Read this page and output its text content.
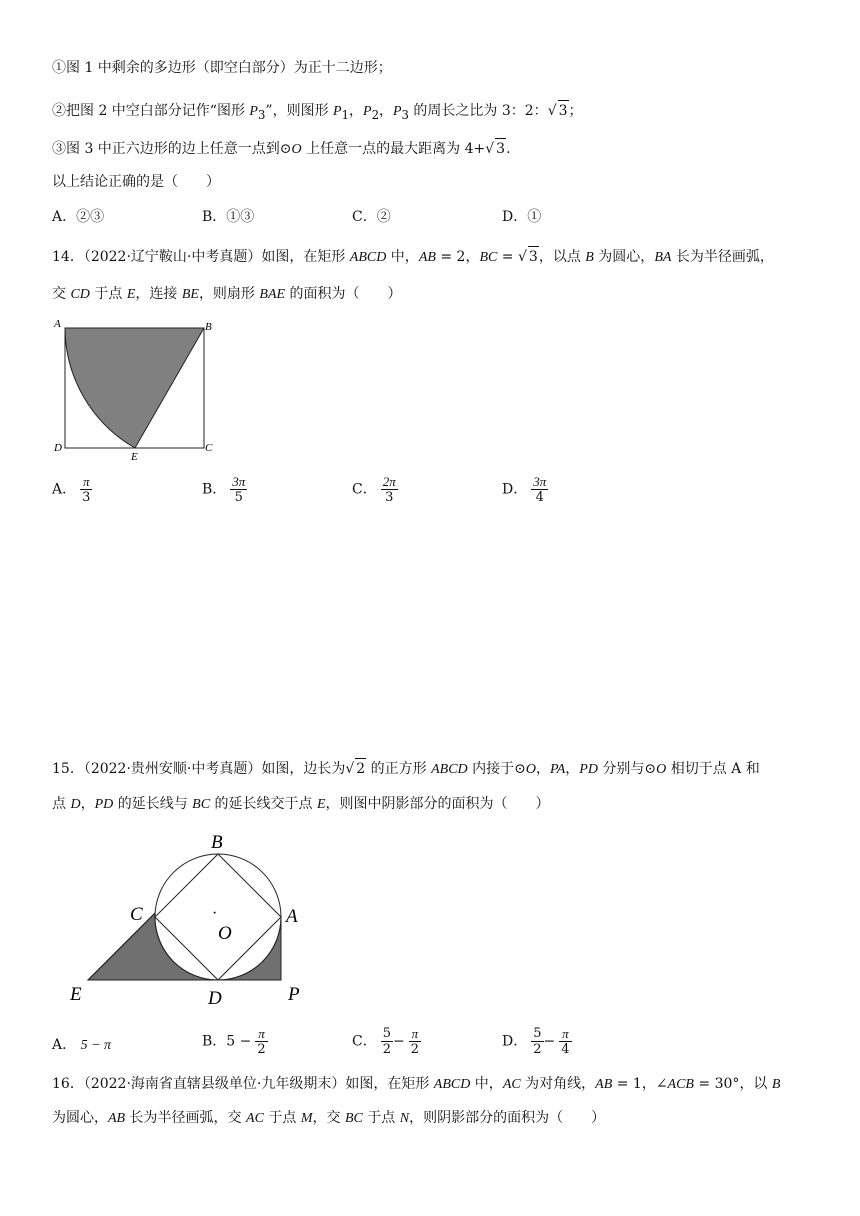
①图 1 中剩余的多边形（即空白部分）为正十二边形；
②把图 2 中空白部分记作“图形 $P_3$”，则图形 $P_1$，$P_2$，$P_3$ 的周长之比为 3：2：√ 3；
③图 3 中正六边形的边上任意一点到⊙O 上任意一点的最大距离为 4+√ 3.
以上结论正确的是（　　）
A．②③	B．①③	C．②	D．①
14．（2022·辽宁鞍山·中考真题）如图，在矩形 ABCD 中，AB = 2，BC = √ 3，以点 B 为圆心，BA 长为半径画弧，
交 CD 于点 E，连接 BE，则扇形 BAE 的面积为（　　）
A	B
C
D
E
A． $\frac{\pi}{3}$	B． $\frac{3\pi}{5}$	C． $\frac{2\pi}{3}$	D． $\frac{3\pi}{4}$
15．（2022·贵州安顺·中考真题）如图，边长为√ 2 的正方形 ABCD 内接于⊙O，PA，PD 分别与⊙O 相切于点 A 和
点 D，PD 的延长线与 BC 的延长线交于点 E，则图中阴影部分的面积为（　　）
B
C	A
·
O
E	D	P
A． 5 − π	B．$5 - \frac{\pi}{2}$	C． $\frac{5}{2} - \frac{\pi}{2}$	D． $\frac{5}{2} - \frac{\pi}{4}$
16．（2022·海南省直辖县级单位·九年级期末）如图，在矩形 ABCD 中，AC 为对角线，AB = 1，∠ACB = 30°，以 B
为圆心，AB 长为半径画弧，交 AC 于点 M，交 BC 于点 N，则阴影部分的面积为（　　）
